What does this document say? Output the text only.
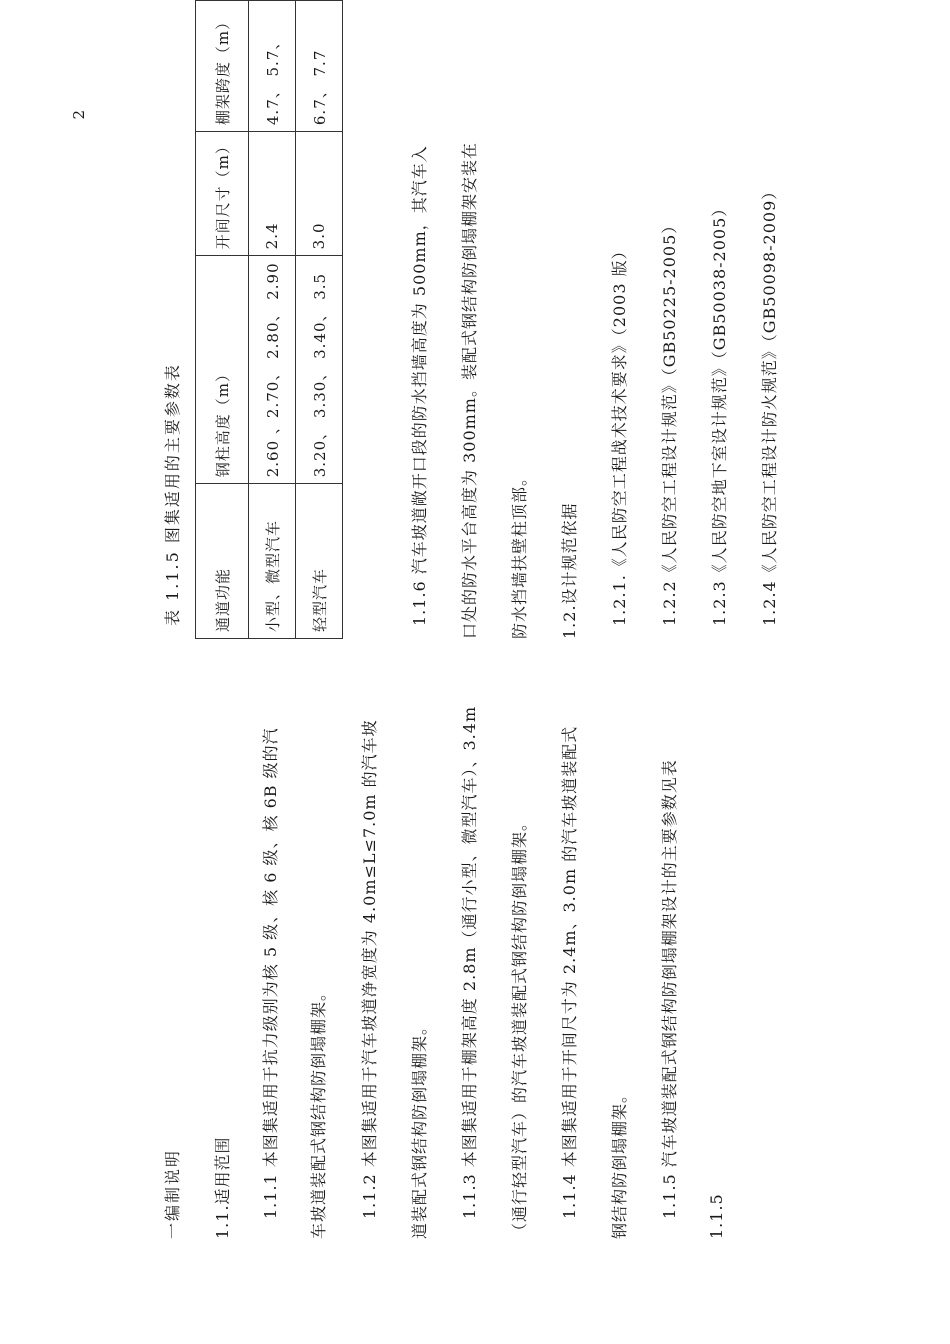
2
一编制说明 1.1.适用范围 1.1.1 本图集适用于抗力级别为核 5 级、核 6 级、核 6B 级的汽 车坡道装配式钢结构防倒塌棚架。 1.1.2 本图集适用于汽车坡道净宽度为 4.0m≤L≤7.0m 的汽车坡 道装配式钢结构防倒塌棚架。 1.1.3 本图集适用于棚架高度 2.8m（通行小型、微型汽车）、3.4m （通行轻型汽车）的汽车坡道装配式钢结构防倒塌棚架。 1.1.4 本图集适用于开间尺寸为 2.4m、3.0m 的汽车坡道装配式 钢结构防倒塌棚架。 1.1.5 汽车坡道装配式钢结构防倒塌棚架设计的主要参数见表 1.1.5
表 1.1.5 图集适用的主要参数表 通道功能	钢柱高度（m）	开间尺寸（m）	棚架跨度（m）
小型、微型汽车	2.60 、2.70、 2.80、 2.90	2.4	4.7、 5.7、
轻型汽车	3.20、 3.30、 3.40、 3.5	3.0	6.7、 7.7
1.1.6 汽车坡道敞开口段的防水挡墙高度为 500mm，其汽车入 口处的防水平台高度为 300mm。装配式钢结构防倒塌棚架安装在 防水挡墙扶壁柱顶部。 1.2.设计规范依据 1.2.1.《人民防空工程战术技术要求》（2003 版） 1.2.2《人民防空工程设计规范》（GB50225-2005） 1.2.3《人民防空地下室设计规范》（GB50038-2005） 1.2.4《人民防空工程设计防火规范》（GB50098-2009）
